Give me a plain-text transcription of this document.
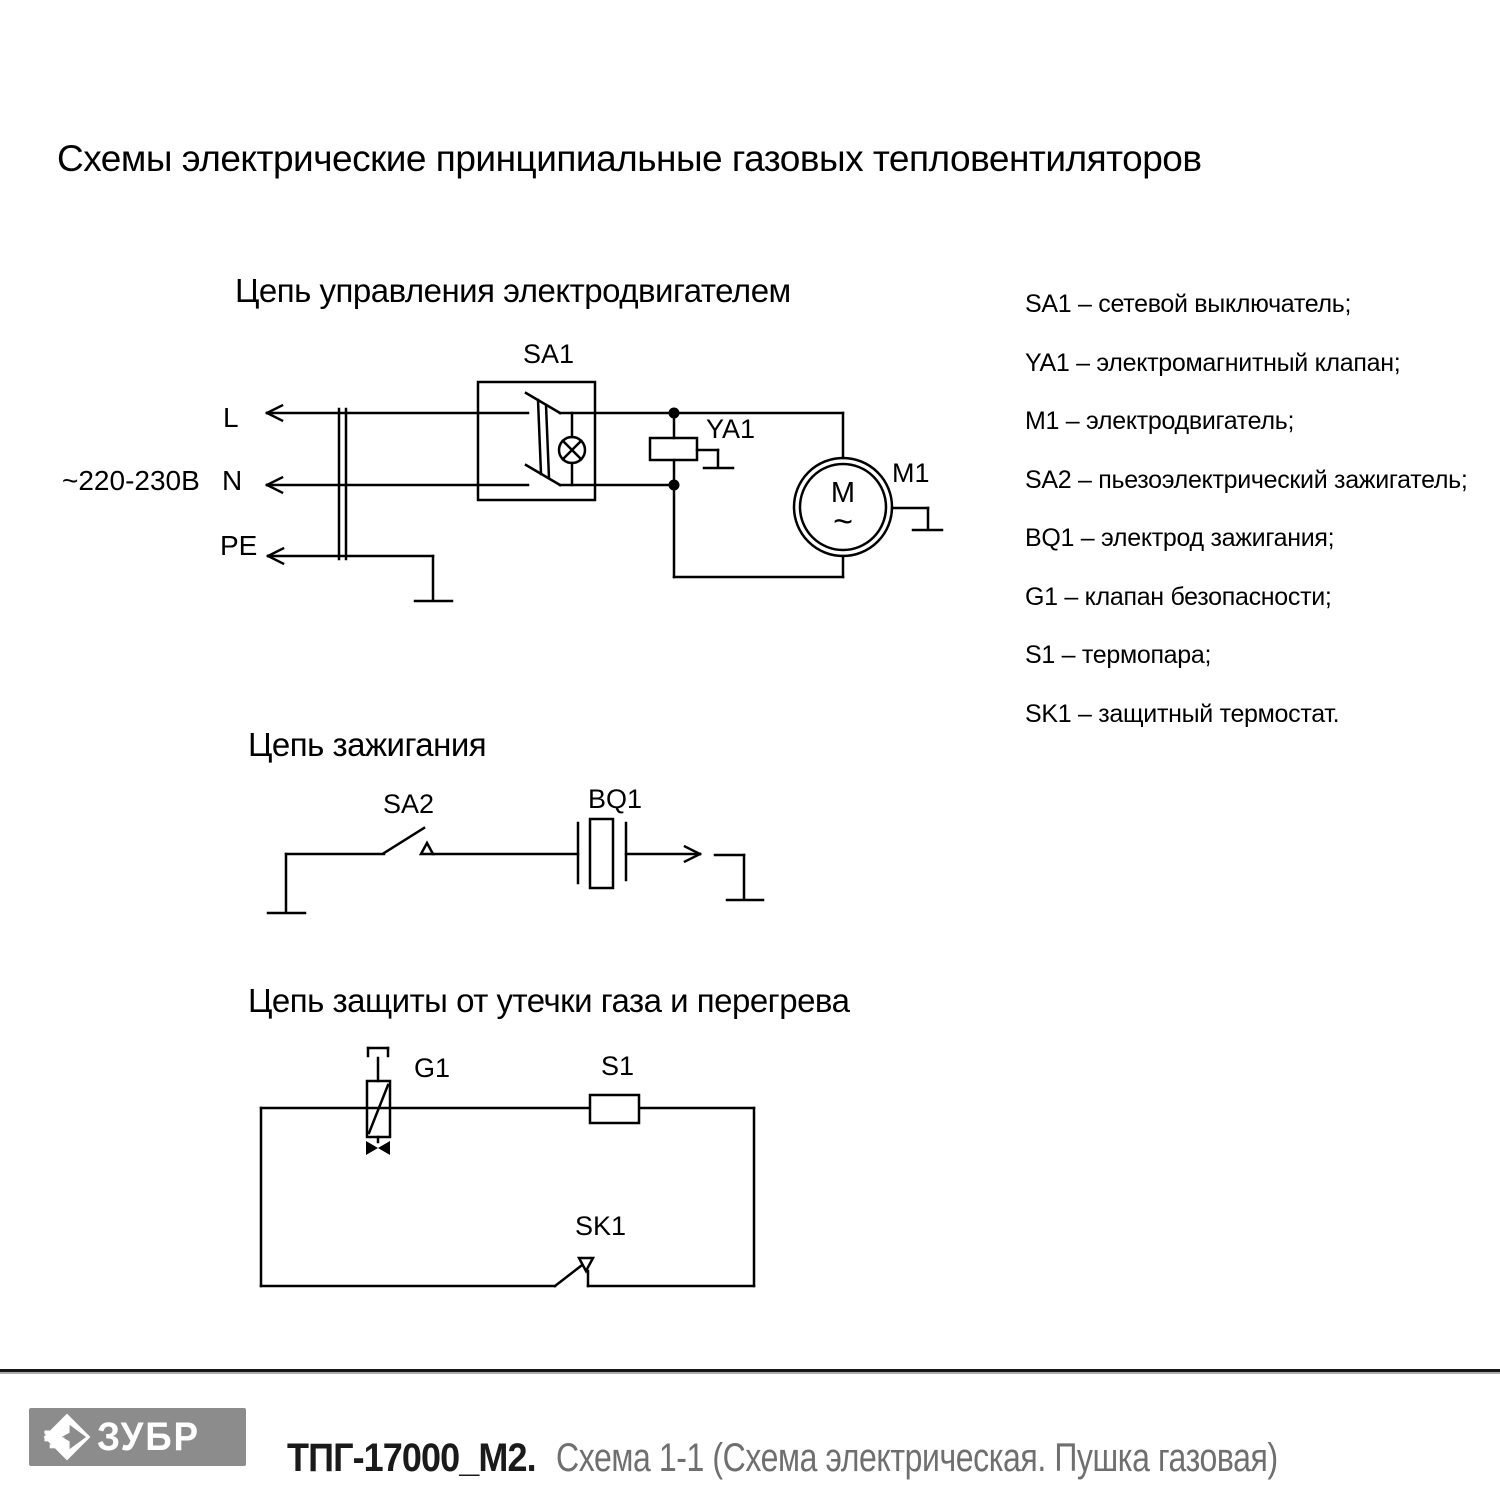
Схемы электрические принципиальные газовых тепловентиляторов
Цепь управления электродвигателем
Цепь зажигания
Цепь защиты от утечки газа и перегрева
SA1 – сетевой выключатель;
YA1 – электромагнитный клапан;
M1 – электродвигатель;
SA2 – пьезоэлектрический зажигатель;
BQ1 – электрод зажигания;
G1 – клапан безопасности;
S1 – термопара;
SK1 – защитный термостат.
~220-230В
L
N
PE
SA1
YA1
M1
M
~
SA2	BQ1
G1	S1
SK1
ЗУБР ТПГ-17000_М2. Схема 1-1 (Схема электрическая. Пушка газовая)
